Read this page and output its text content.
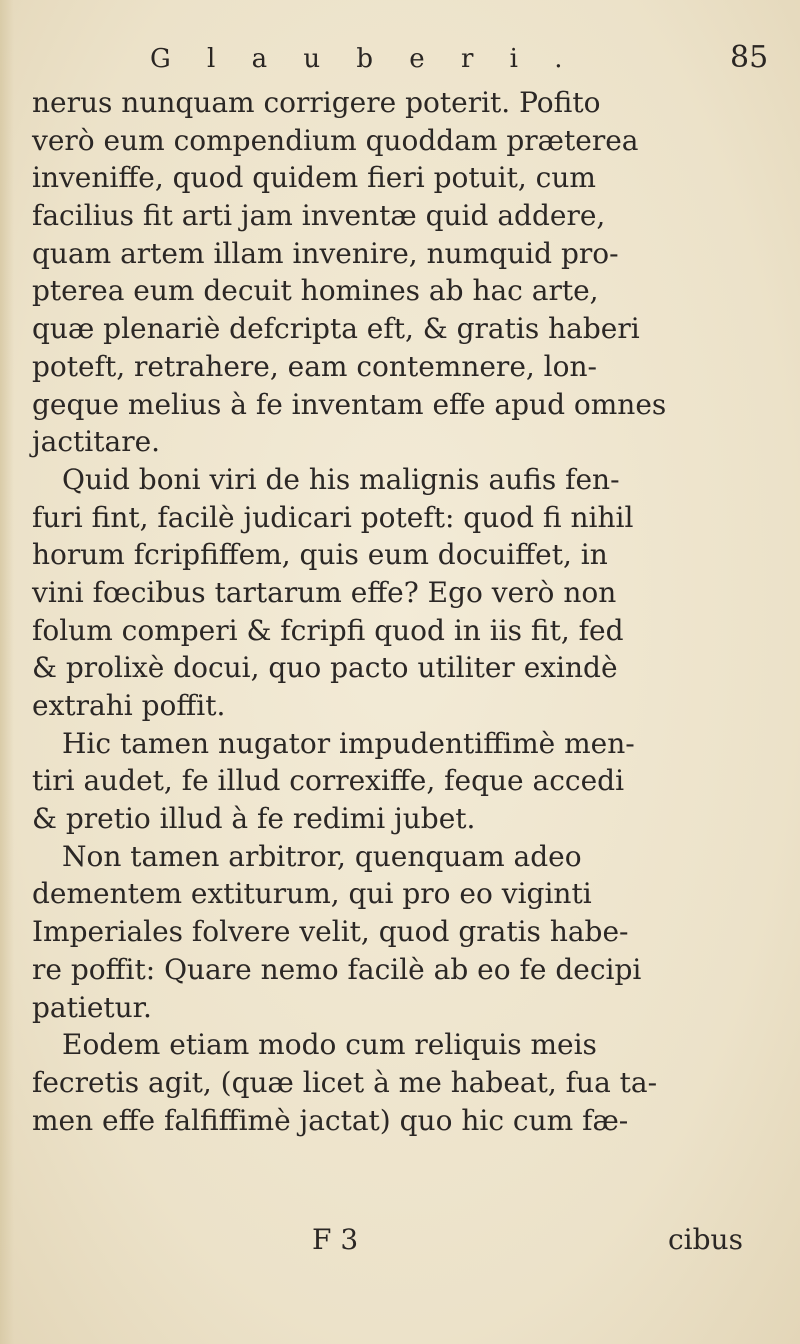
G l a u b e r i .	85
nerus nunquam corrigere poterit. Pofito
verò eum compendium quoddam præterea
inveniffe, quod quidem fieri potuit, cum
facilius fit arti jam inventæ quid addere,
quam artem illam invenire, numquid pro-
pterea eum decuit homines ab hac arte,
quæ plenariè defcripta eft, & gratis haberi
poteft, retrahere, eam contemnere, lon-
geque melius à fe inventam effe apud omnes
jactitare.
Quid boni viri de his malignis aufis fen-
furi fint, facilè judicari poteft: quod fi nihil
horum fcripfiffem, quis eum docuiffet, in
vini fœcibus tartarum effe? Ego verò non
folum comperi & fcripfi quod in iis fit, fed
& prolixè docui, quo pacto utiliter exindè
extrahi poffit.
Hic tamen nugator impudentiffimè men-
tiri audet, fe illud correxiffe, feque accedi
& pretio illud à fe redimi jubet.
Non tamen arbitror, quenquam adeo
dementem extiturum, qui pro eo viginti
Imperiales folvere velit, quod gratis habe-
re poffit: Quare nemo facilè ab eo fe decipi
patietur.
Eodem etiam modo cum reliquis meis
fecretis agit, (quæ licet à me habeat, fua ta-
men effe falfiffimè jactat) quo hic cum fæ-
F 3	cibus
